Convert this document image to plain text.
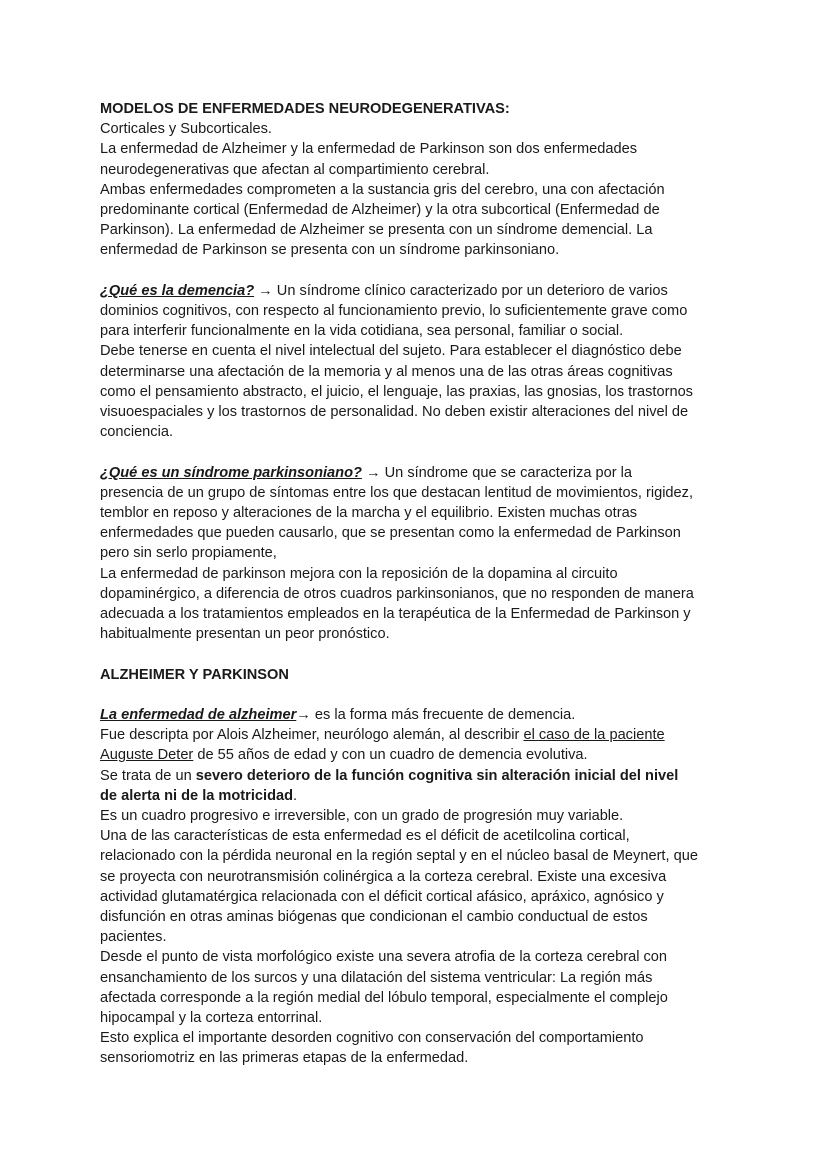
MODELOS DE ENFERMEDADES NEURODEGENERATIVAS:
Corticales y Subcorticales.
La enfermedad de Alzheimer y la enfermedad de Parkinson son dos enfermedades
neurodegenerativas que afectan al compartimiento cerebral.
Ambas enfermedades comprometen a la sustancia gris del cerebro, una con afectación
predominante cortical (Enfermedad de Alzheimer) y la otra subcortical (Enfermedad de
Parkinson). La enfermedad de Alzheimer se presenta con un síndrome demencial. La
enfermedad de Parkinson se presenta con un síndrome parkinsoniano.

¿Qué es la demencia? → Un síndrome clínico caracterizado por un deterioro de varios
dominios cognitivos, con respecto al funcionamiento previo, lo suficientemente grave como
para interferir funcionalmente en la vida cotidiana, sea personal, familiar o social.
Debe tenerse en cuenta el nivel intelectual del sujeto. Para establecer el diagnóstico debe
determinarse una afectación de la memoria y al menos una de las otras áreas cognitivas
como el pensamiento abstracto, el juicio, el lenguaje, las praxias, las gnosias, los trastornos
visuoespaciales y los trastornos de personalidad. No deben existir alteraciones del nivel de
conciencia.

¿Qué es un síndrome parkinsoniano? → Un síndrome que se caracteriza por la
presencia de un grupo de síntomas entre los que destacan lentitud de movimientos, rigidez,
temblor en reposo y alteraciones de la marcha y el equilibrio. Existen muchas otras
enfermedades que pueden causarlo, que se presentan como la enfermedad de Parkinson
pero sin serlo propiamente,
La enfermedad de parkinson mejora con la reposición de la dopamina al circuito
dopaminérgico, a diferencia de otros cuadros parkinsonianos, que no responden de manera
adecuada a los tratamientos empleados en la terapéutica de la Enfermedad de Parkinson y
habitualmente presentan un peor pronóstico.

ALZHEIMER Y PARKINSON

La enfermedad de alzheimer→ es la forma más frecuente de demencia.
Fue descripta por Alois Alzheimer, neurólogo alemán, al describir el caso de la paciente
Auguste Deter de 55 años de edad y con un cuadro de demencia evolutiva.
Se trata de un severo deterioro de la función cognitiva sin alteración inicial del nivel
de alerta ni de la motricidad.
Es un cuadro progresivo e irreversible, con un grado de progresión muy variable.
Una de las características de esta enfermedad es el déficit de acetilcolina cortical,
relacionado con la pérdida neuronal en la región septal y en el núcleo basal de Meynert, que
se proyecta con neurotransmisión colinérgica a la corteza cerebral. Existe una excesiva
actividad glutamatérgica relacionada con el déficit cortical afásico, apráxico, agnósico y
disfunción en otras aminas biógenas que condicionan el cambio conductual de estos
pacientes.
Desde el punto de vista morfológico existe una severa atrofia de la corteza cerebral con
ensanchamiento de los surcos y una dilatación del sistema ventricular: La región más
afectada corresponde a la región medial del lóbulo temporal, especialmente el complejo
hipocampal y la corteza entorrinal.
Esto explica el importante desorden cognitivo con conservación del comportamiento
sensoriomotriz en las primeras etapas de la enfermedad.
